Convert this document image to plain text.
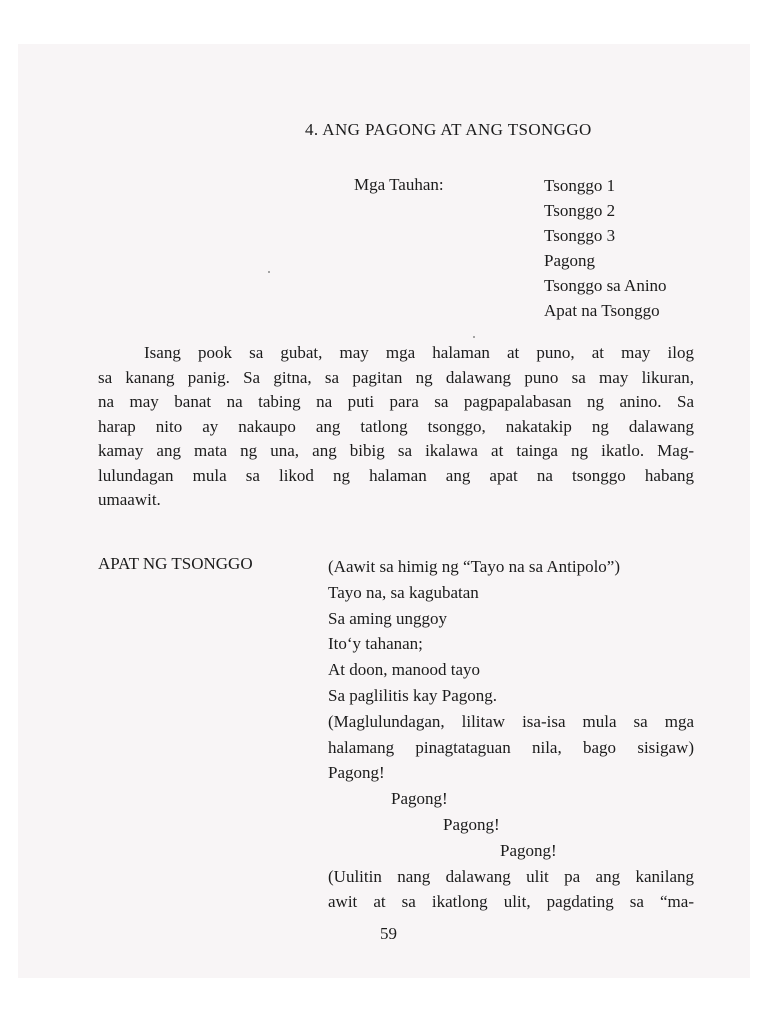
4. ANG PAGONG AT ANG TSONGGO
Mga Tauhan:	Tsonggo 1
Tsonggo 2
Tsonggo 3
Pagong
Tsonggo sa Anino
Apat na Tsonggo
Isang pook sa gubat, may mga halaman at puno, at may ilog
sa kanang panig. Sa gitna, sa pagitan ng dalawang puno sa may likuran,
na may banat na tabing na puti para sa pagpapalabasan ng anino. Sa
harap nito ay nakaupo ang tatlong tsonggo, nakatakip ng dalawang
kamay ang mata ng una, ang bibig sa ikalawa at tainga ng ikatlo. Mag-
lulundagan mula sa likod ng halaman ang apat na tsonggo habang
umaawit.
APAT NG TSONGGO	(Aawit sa himig ng “Tayo na sa Antipolo”)
Tayo na, sa kagubatan
Sa aming unggoy
Ito‘y tahanan;
At doon, manood tayo
Sa paglilitis kay Pagong.
(Maglulundagan, lilitaw isa-isa mula sa mga
halamang pinagtataguan nila, bago sisigaw)
Pagong!
Pagong!
Pagong!
Pagong!
(Uulitin nang dalawang ulit pa ang kanilang
awit at sa ikatlong ulit, pagdating sa “ma-
59
